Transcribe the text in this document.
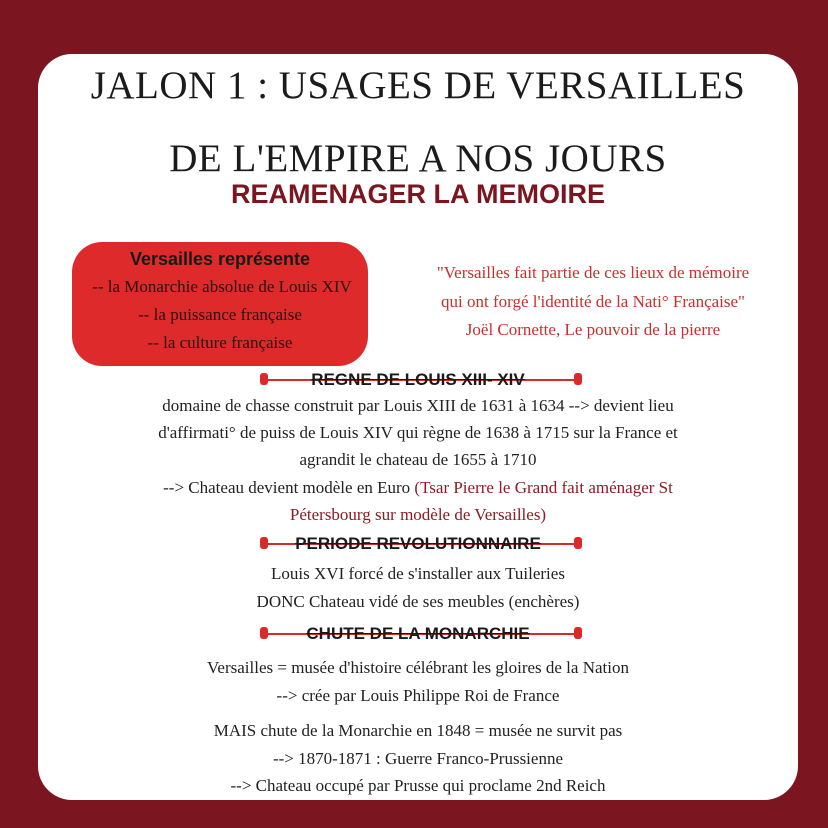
JALON 1 : USAGES DE VERSAILLES
DE L'EMPIRE A NOS JOURS
REAMENAGER LA MEMOIRE
Versailles représente
-- la Monarchie absolue de Louis XIV
-- la puissance française
-- la culture française
"Versailles fait partie de ces lieux de mémoire
qui ont forgé l'identité de la Nati° Française"
Joël Cornette, Le pouvoir de la pierre
REGNE DE LOUIS XIII- XIV
domaine de chasse construit par Louis XIII de 1631 à 1634 --> devient lieu
d'affirmati° de puiss de Louis XIV qui règne de 1638 à 1715 sur la France et
agrandit le chateau de 1655 à 1710
--> Chateau devient modèle en Euro (Tsar Pierre le Grand fait aménager St
Pétersbourg sur modèle de Versailles)
PERIODE REVOLUTIONNAIRE
Louis XVI forcé de s'installer aux Tuileries
DONC Chateau vidé de ses meubles (enchères)
CHUTE DE LA MONARCHIE
Versailles = musée d'histoire célébrant les gloires de la Nation
--> crée par Louis Philippe Roi de France
MAIS chute de la Monarchie en 1848 = musée ne survit pas
--> 1870-1871 : Guerre Franco-Prussienne
--> Chateau occupé par Prusse qui proclame 2nd Reich
